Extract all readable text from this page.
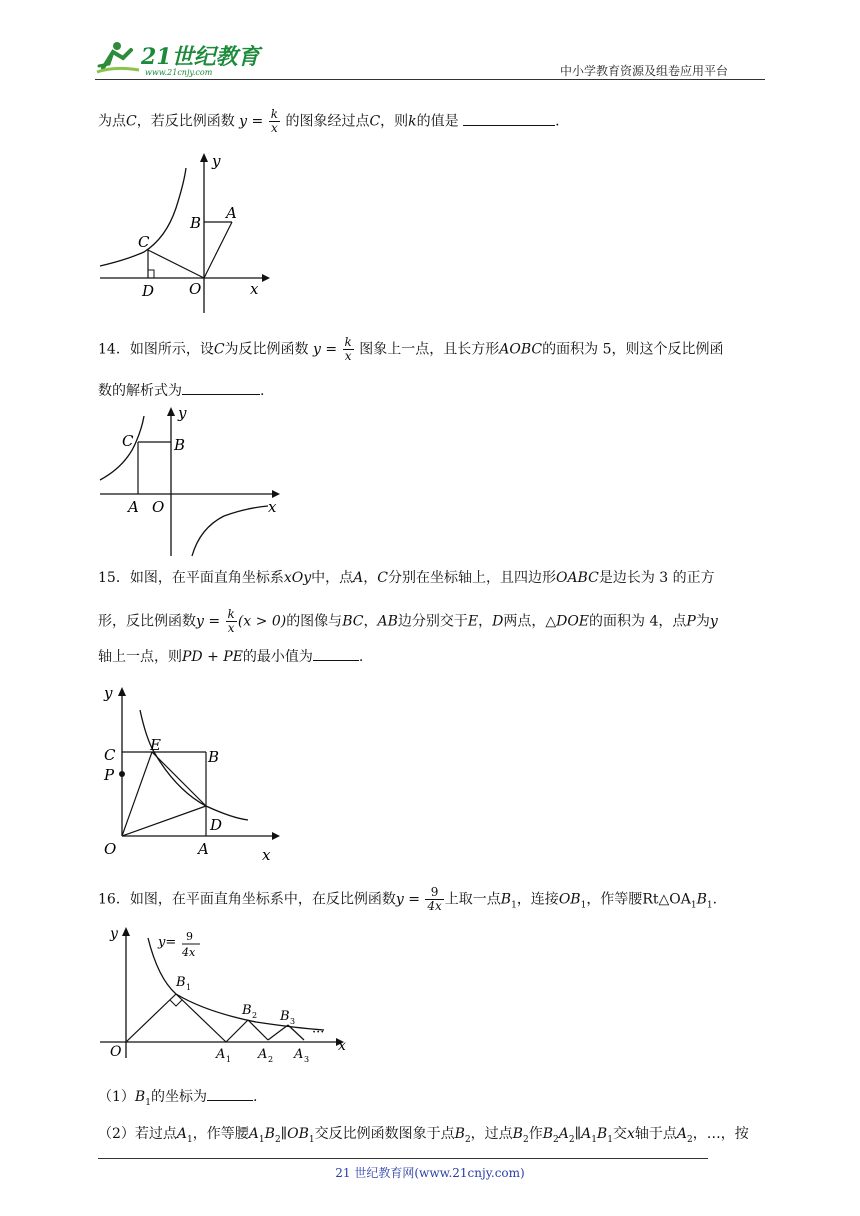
21世纪教育
www.21cnjy.com	中小学教育资源及组卷应用平台
为点C，若反比例函数 $y = \frac{k}{x}$ 的图象经过点C，则k的值是	.
y
x
O
A
B
C
D
14．如图所示，设C为反比例函数 $y = \frac{k}{x}$ 图象上一点，且长方形AOBC的面积为 5，则这个反比例函
数的解析式为	.
y
x
O
A
B
C
15．如图，在平面直角坐标系xOy中，点A，C分别在坐标轴上，且四边形OABC是边长为 3 的正方
形，反比例函数$y = \frac{k}{x} (x > 0)$的图像与BC，AB边分别交于E，D两点，△DOE的面积为 4，点P为y
轴上一点，则PD + PE的最小值为	.
y
x
O	A
B
C
D
E
P
16．如图，在平面直角坐标系中，在反比例函数$y = \frac{9}{4x}$ 上取一点$B_1$，连接$OB_1$，作等腰$Rt\triangle OA_1B_1$.
y
x
O
y= 9
4x
B 1
B 2 B 3
···
A 1 A 2 A 3
$(1)B_1$的坐标为	.
（2）若过点$A_1$，作等腰$A_1B_2\parallel OB_1$交反比例函数图象于点$B_2$，过点$B_2$作$B_2A_2\parallel A_1B_1$交x轴于点$A_2$，…，按
21 世纪教育网(www.21cnjy.com)
